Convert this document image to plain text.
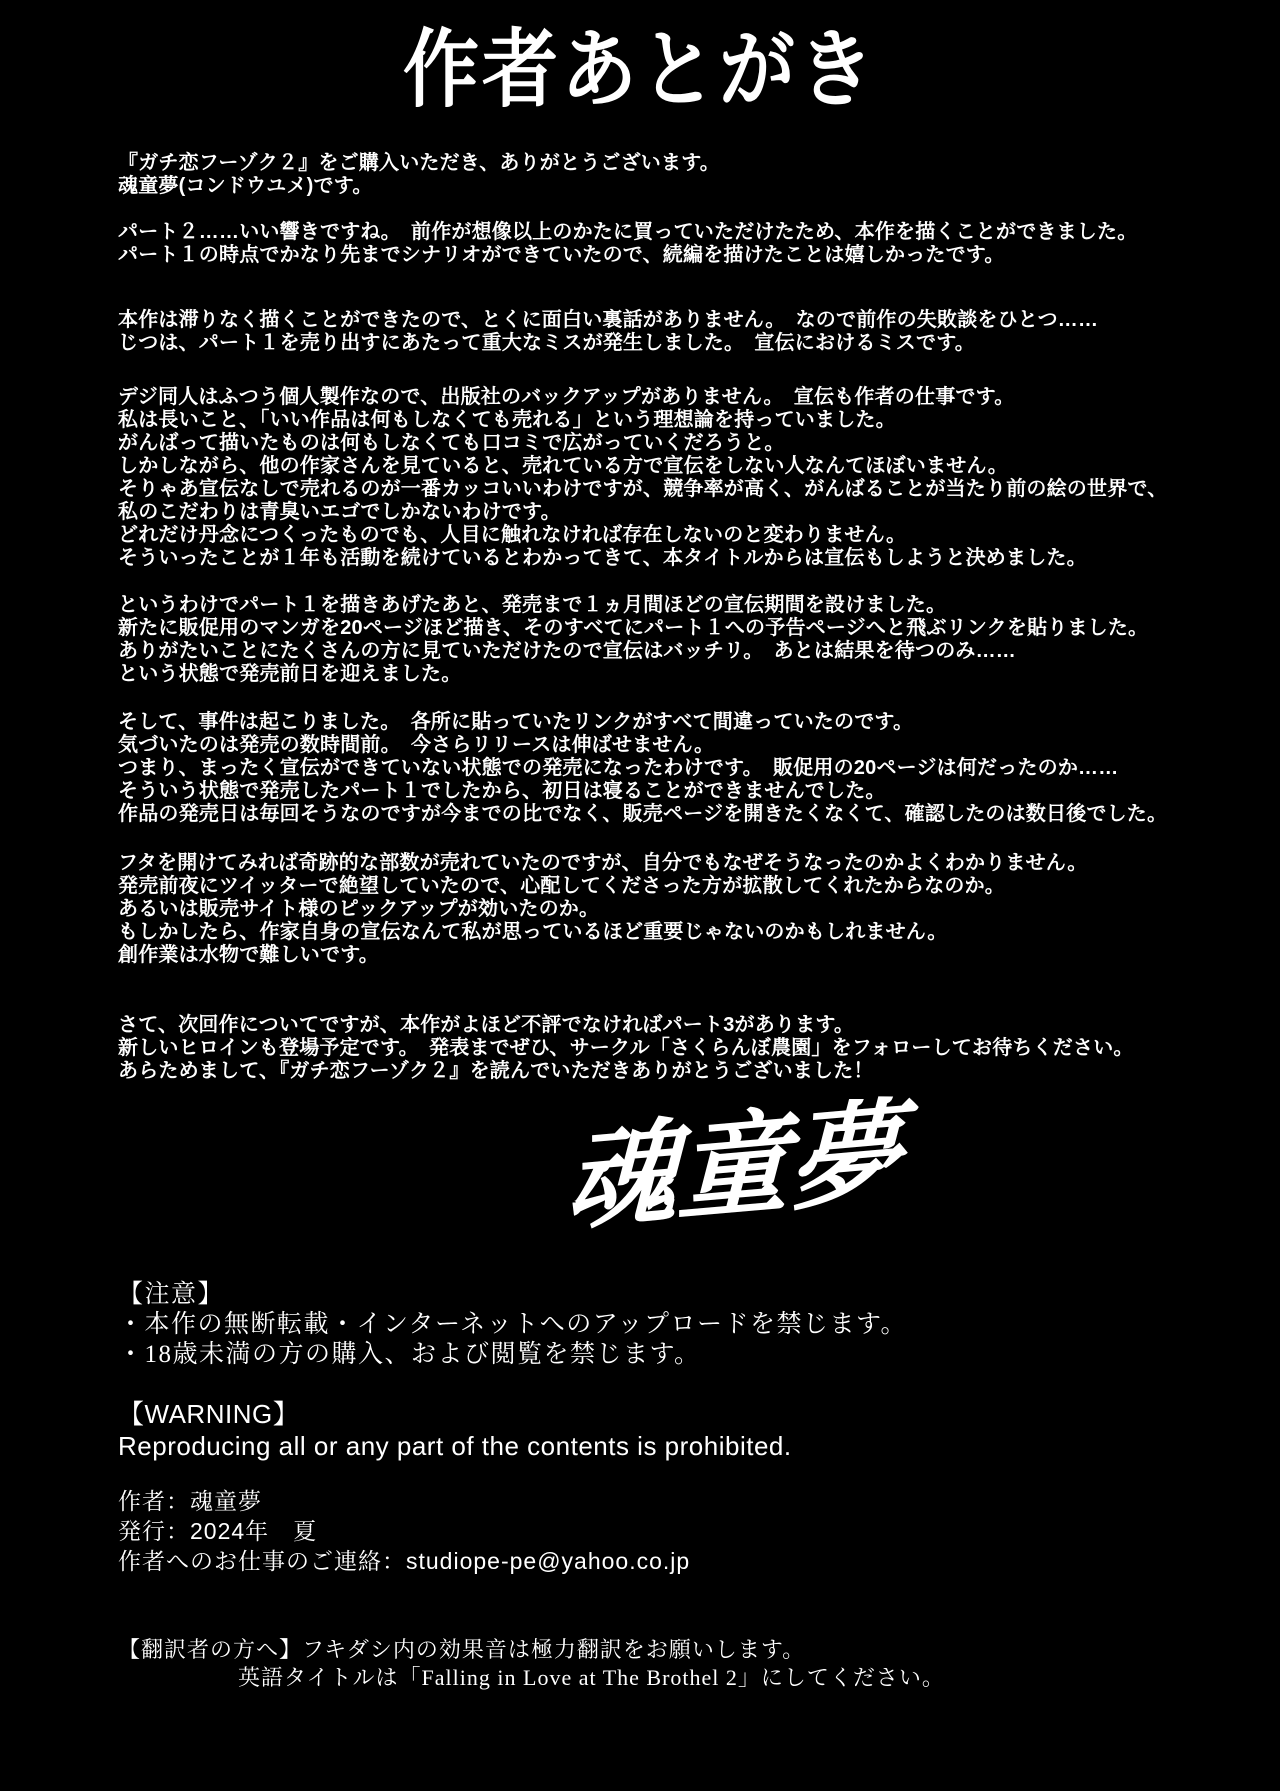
作者あとがき
『ガチ恋フーゾク２』をご購入いただき、ありがとうございます。
魂童夢(コンドウユメ)です。
パート２……いい響きですね。　前作が想像以上のかたに買っていただけたため、本作を描くことができました。
パート１の時点でかなり先までシナリオができていたので、続編を描けたことは嬉しかったです。
本作は滞りなく描くことができたので、とくに面白い裏話がありません。　なので前作の失敗談をひとつ……
じつは、パート１を売り出すにあたって重大なミスが発生しました。　宣伝におけるミスです。
デジ同人はふつう個人製作なので、出版社のバックアップがありません。　宣伝も作者の仕事です。
私は長いこと、「いい作品は何もしなくても売れる」という理想論を持っていました。
がんばって描いたものは何もしなくても口コミで広がっていくだろうと。
しかしながら、他の作家さんを見ていると、売れている方で宣伝をしない人なんてほぼいません。
そりゃあ宣伝なしで売れるのが一番カッコいいわけですが、競争率が高く、がんばることが当たり前の絵の世界で、
私のこだわりは青臭いエゴでしかないわけです。
どれだけ丹念につくったものでも、人目に触れなければ存在しないのと変わりません。
そういったことが１年も活動を続けているとわかってきて、本タイトルからは宣伝もしようと決めました。
というわけでパート１を描きあげたあと、発売まで１ヵ月間ほどの宣伝期間を設けました。
新たに販促用のマンガを20ページほど描き、そのすべてにパート１への予告ページへと飛ぶリンクを貼りました。
ありがたいことにたくさんの方に見ていただけたので宣伝はバッチリ。　あとは結果を待つのみ……
という状態で発売前日を迎えました。
そして、事件は起こりました。　各所に貼っていたリンクがすべて間違っていたのです。
気づいたのは発売の数時間前。　今さらリリースは伸ばせません。
つまり、まったく宣伝ができていない状態での発売になったわけです。　販促用の20ページは何だったのか……
そういう状態で発売したパート１でしたから、初日は寝ることができませんでした。
作品の発売日は毎回そうなのですが今までの比でなく、販売ページを開きたくなくて、確認したのは数日後でした。
フタを開けてみれば奇跡的な部数が売れていたのですが、自分でもなぜそうなったのかよくわかりません。
発売前夜にツイッターで絶望していたので、心配してくださった方が拡散してくれたからなのか。
あるいは販売サイト様のピックアップが効いたのか。
もしかしたら、作家自身の宣伝なんて私が思っているほど重要じゃないのかもしれません。
創作業は水物で難しいです。
さて、次回作についてですが、本作がよほど不評でなければパート3があります。
新しいヒロインも登場予定です。　発表までぜひ、サークル「さくらんぼ農園」をフォローしてお待ちください。
あらためまして、『ガチ恋フーゾク２』を読んでいただきありがとうございました！
【注意】
・本作の無断転載・インターネットへのアップロードを禁じます。
・18歳未満の方の購入、および閲覧を禁じます。
【WARNING】
Reproducing all or any part of the contents is prohibited.
作者：魂童夢
発行：2024年　夏
作者へのお仕事のご連絡：studiope-pe@yahoo.co.jp
【翻訳者の方へ】フキダシ内の効果音は極力翻訳をお願いします。
英語タイトルは「Falling in Love at The Brothel 2」にしてください。
魂童夢
